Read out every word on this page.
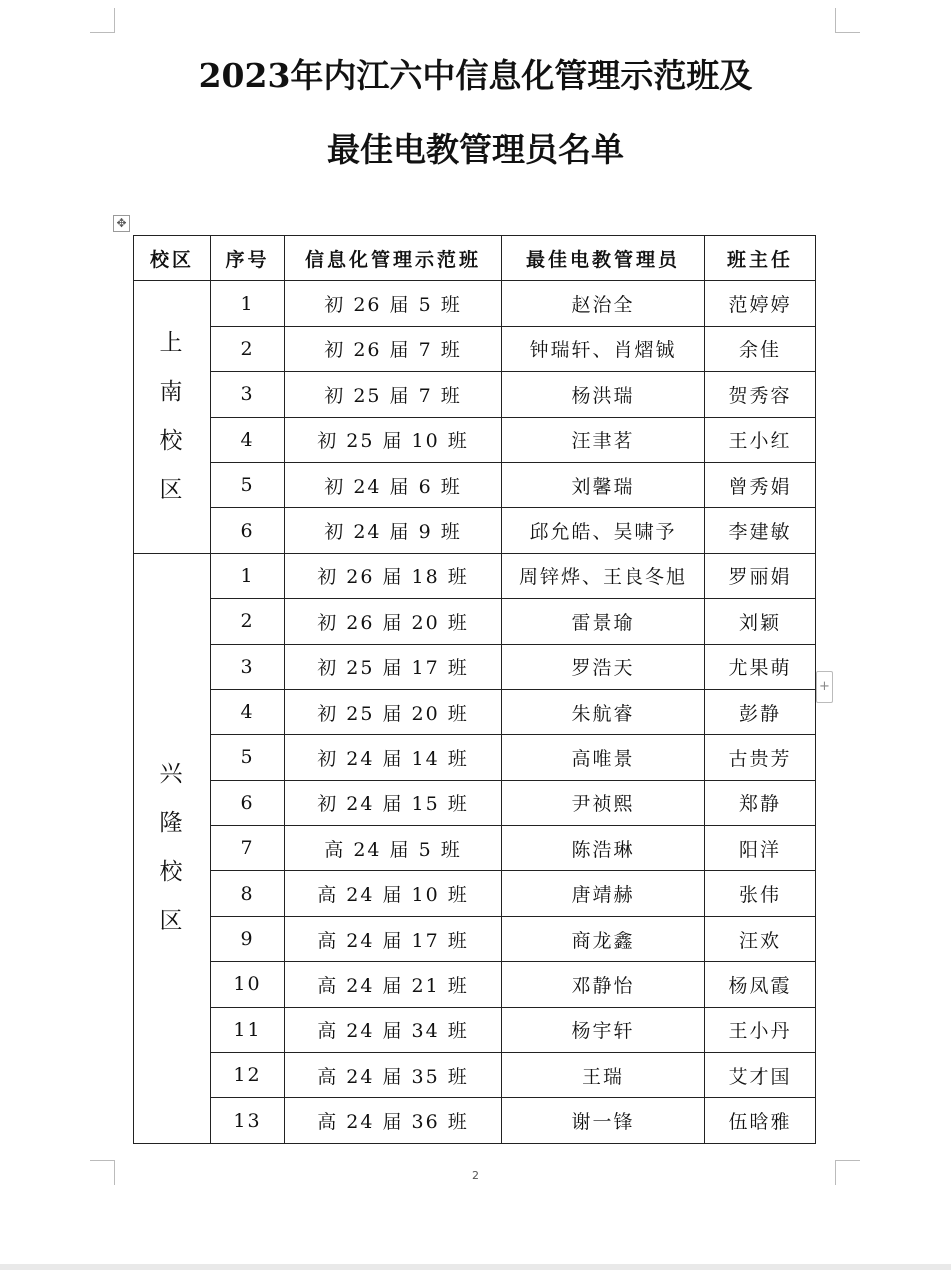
2023年内江六中信息化管理示范班及
最佳电教管理员名单
✥
+
校区	序号	信息化管理示范班	最佳电教管理员	班主任
上南校区	1	初 26 届 5 班	赵治全	范婷婷
	2	初 26 届 7 班	钟瑞轩、肖熠铖	余佳
	3	初 25 届 7 班	杨洪瑞	贺秀容
	4	初 25 届 10 班	汪聿茗	王小红
	5	初 24 届 6 班	刘馨瑞	曾秀娟
	6	初 24 届 9 班	邱允皓、吴啸予	李建敏
兴隆校区	1	初 26 届 18 班	周锌烨、王良冬旭	罗丽娟
	2	初 26 届 20 班	雷景瑜	刘颖
	3	初 25 届 17 班	罗浩天	尤果萌
	4	初 25 届 20 班	朱航睿	彭静
	5	初 24 届 14 班	高唯景	古贵芳
	6	初 24 届 15 班	尹祯熙	郑静
	7	高 24 届 5 班	陈浩琳	阳洋
	8	高 24 届 10 班	唐靖赫	张伟
	9	高 24 届 17 班	商龙鑫	汪欢
	10	高 24 届 21 班	邓静怡	杨凤霞
	11	高 24 届 34 班	杨宇轩	王小丹
	12	高 24 届 35 班	王瑞	艾才国
	13	高 24 届 36 班	谢一锋	伍晗雅
2
